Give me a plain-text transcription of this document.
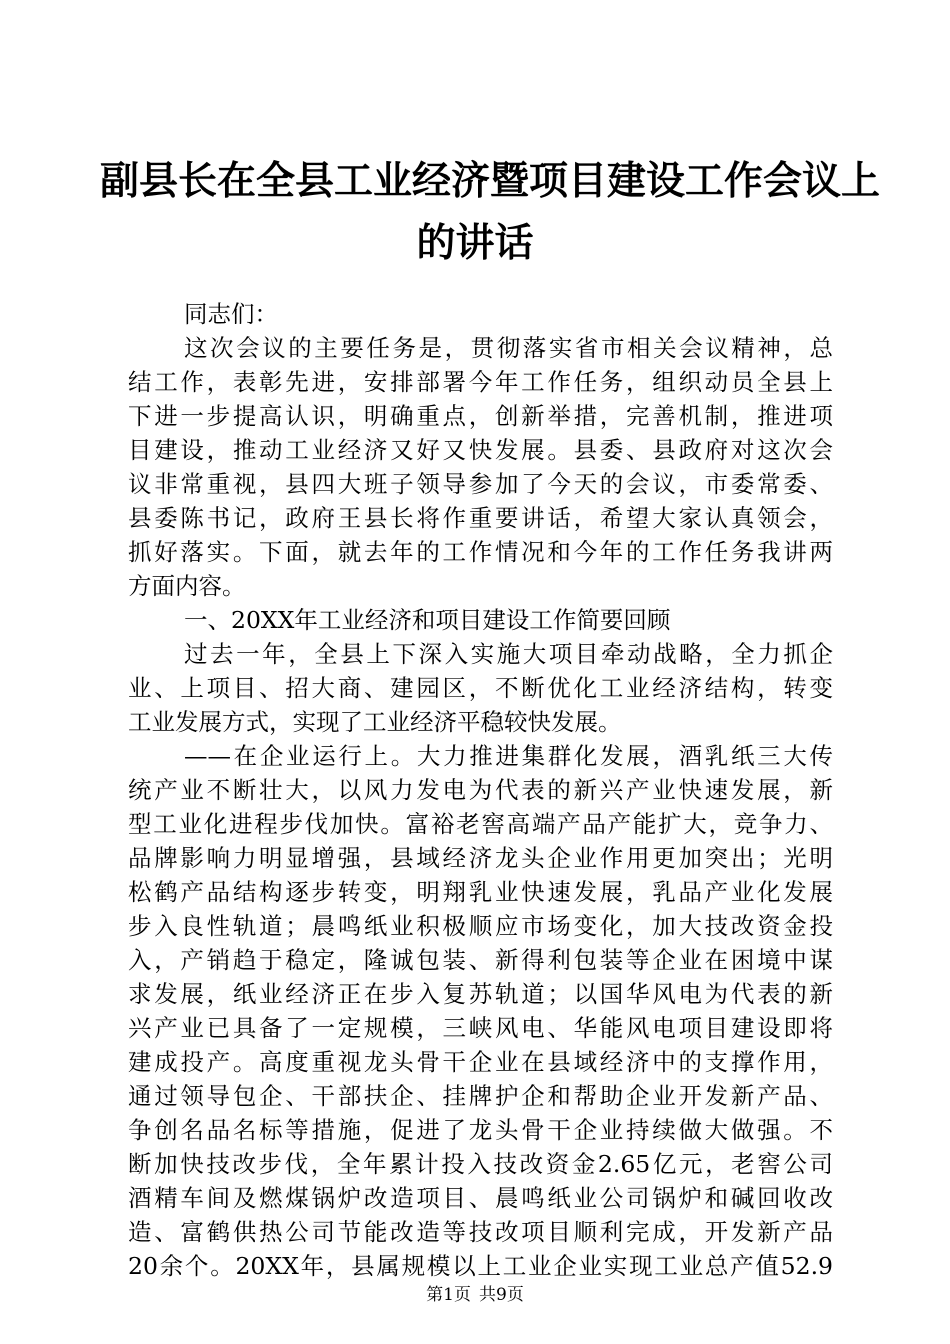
副县长在全县工业经济暨项目建设工作会议上
的讲话
同志们：
这次会议的主要任务是，贯彻落实省市相关会议精神，总
结工作，表彰先进，安排部署今年工作任务，组织动员全县上
下进一步提高认识，明确重点，创新举措，完善机制，推进项
目建设，推动工业经济又好又快发展。县委、县政府对这次会
议非常重视，县四大班子领导参加了今天的会议，市委常委、
县委陈书记，政府王县长将作重要讲话，希望大家认真领会，
抓好落实。下面，就去年的工作情况和今年的工作任务我讲两
方面内容。
一、20XX年工业经济和项目建设工作简要回顾
过去一年，全县上下深入实施大项目牵动战略，全力抓企
业、上项目、招大商、建园区，不断优化工业经济结构，转变
工业发展方式，实现了工业经济平稳较快发展。
——在企业运行上。大力推进集群化发展，酒乳纸三大传
统产业不断壮大，以风力发电为代表的新兴产业快速发展，新
型工业化进程步伐加快。富裕老窖高端产品产能扩大，竞争力、
品牌影响力明显增强，县域经济龙头企业作用更加突出；光明
松鹤产品结构逐步转变，明翔乳业快速发展，乳品产业化发展
步入良性轨道；晨鸣纸业积极顺应市场变化，加大技改资金投
入，产销趋于稳定，隆诚包装、新得利包装等企业在困境中谋
求发展，纸业经济正在步入复苏轨道；以国华风电为代表的新
兴产业已具备了一定规模，三峡风电、华能风电项目建设即将
建成投产。高度重视龙头骨干企业在县域经济中的支撑作用，
通过领导包企、干部扶企、挂牌护企和帮助企业开发新产品、
争创名品名标等措施，促进了龙头骨干企业持续做大做强。不
断加快技改步伐，全年累计投入技改资金2.65亿元，老窖公司
酒精车间及燃煤锅炉改造项目、晨鸣纸业公司锅炉和碱回收改
造、富鹤供热公司节能改造等技改项目顺利完成，开发新产品
20余个。20XX年，县属规模以上工业企业实现工业总产值52.9
第1页 共9页
